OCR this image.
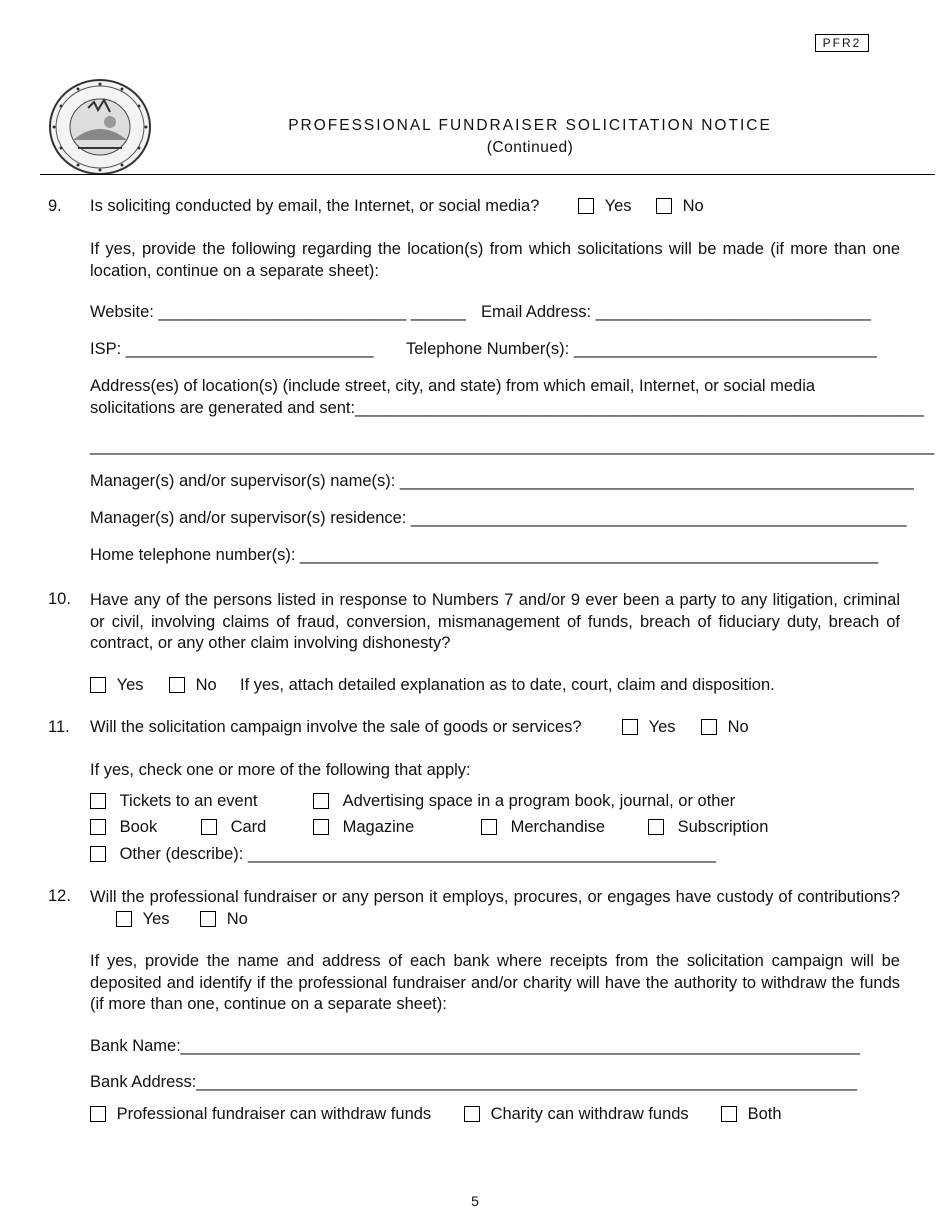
PFR2
PROFESSIONAL FUNDRAISER SOLICITATION NOTICE
(Continued)
9. Is soliciting conducted by email, the Internet, or social media?	Yes	No
If yes, provide the following regarding the location(s) from which solicitations will be made (if more than one location, continue on a separate sheet):
Website: ___________________________ ______ Email Address: ______________________________
ISP: ___________________________ Telephone Number(s): _________________________________
Address(es) of location(s) (include street, city, and state) from which email, Internet, or social media
solicitations are generated and sent:______________________________________________________________
____________________________________________________________________________________________
Manager(s) and/or supervisor(s) name(s): ________________________________________________________
Manager(s) and/or supervisor(s) residence: ______________________________________________________
Home telephone number(s): _______________________________________________________________
10. Have any of the persons listed in response to Numbers 7 and/or 9 ever been a party to any litigation, criminal or civil, involving claims of fraud, conversion, mismanagement of funds, breach of fiduciary duty, breach of contract, or any other claim involving dishonesty?
Yes	No If yes, attach detailed explanation as to date, court, claim and disposition.
11. Will the solicitation campaign involve the sale of goods or services?	Yes	No
If yes, check one or more of the following that apply:
Tickets to an event	Advertising space in a program book, journal, or other
Book	Card	Magazine	Merchandise	Subscription
Other (describe): ___________________________________________________
12. Will the professional fundraiser or any person it employs, procures, or engages have custody of contributions?  Yes	No
If yes, provide the name and address of each bank where receipts from the solicitation campaign will be deposited and identify if the professional fundraiser and/or charity will have the authority to withdraw the funds (if more than one, continue on a separate sheet):
Bank Name:__________________________________________________________________________
Bank Address:________________________________________________________________________
Professional fundraiser can withdraw funds	Charity can withdraw funds	Both
5
